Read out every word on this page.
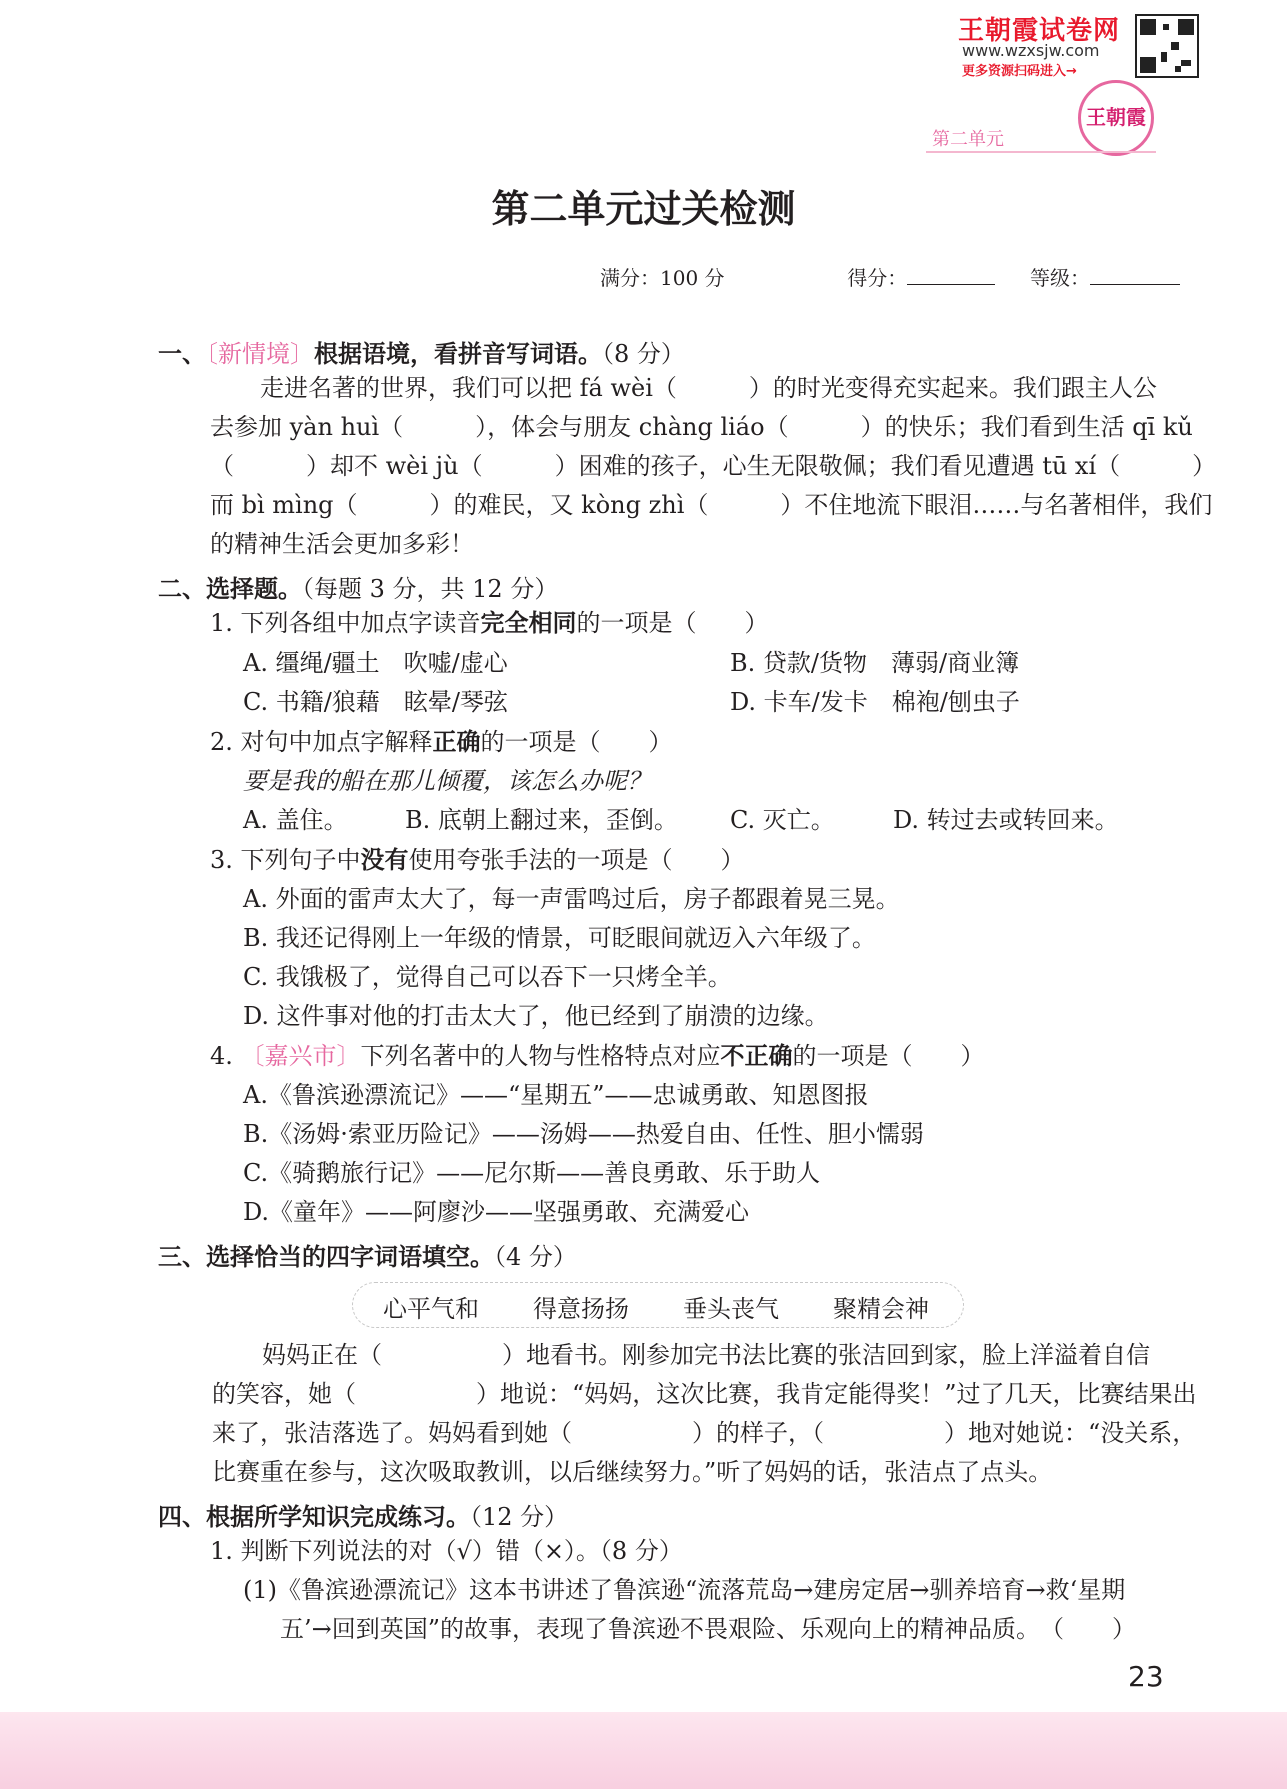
王朝霞试卷网
www.wzxsjw.com
更多资源扫码进入→
王朝霞
第二单元
第二单元过关检测
满分：100 分	得分：	等级：
一、〔新情境〕根据语境，看拼音写词语。（8 分）
走进名著的世界，我们可以把 fá wèi（　　　）的时光变得充实起来。我们跟主人公
去参加 yàn huì（　　　），体会与朋友 chàng liáo（　　　）的快乐；我们看到生活 qī kǔ
（　　　）却不 wèi jù（　　　）困难的孩子，心生无限敬佩；我们看见遭遇 tū xí（　　　）
而 bì mìng（　　　）的难民，又 kòng zhì（　　　）不住地流下眼泪……与名著相伴，我们
的精神生活会更加多彩！
二、选择题。（每题 3 分，共 12 分）
1. 下列各组中加点字读音完全相同的一项是（　　）
A. 缰绳/疆土　吹嘘/虚心	B. 贷款/货物　薄弱/商业簿
C. 书籍/狼藉　眩晕/琴弦	D. 卡车/发卡　棉袍/刨虫子
2. 对句中加点字解释正确的一项是（　　）
要是我的船在那儿倾覆，该怎么办呢？
A. 盖住。 B. 底朝上翻过来，歪倒。 C. 灭亡。 D. 转过去或转回来。
3. 下列句子中没有使用夸张手法的一项是（　　）
A. 外面的雷声太大了，每一声雷鸣过后，房子都跟着晃三晃。
B. 我还记得刚上一年级的情景，可眨眼间就迈入六年级了。
C. 我饿极了，觉得自己可以吞下一只烤全羊。
D. 这件事对他的打击太大了，他已经到了崩溃的边缘。
4. 〔嘉兴市〕下列名著中的人物与性格特点对应不正确的一项是（　　）
A.《鲁滨逊漂流记》——“星期五”——忠诚勇敢、知恩图报
B.《汤姆·索亚历险记》——汤姆——热爱自由、任性、胆小懦弱
C.《骑鹅旅行记》——尼尔斯——善良勇敢、乐于助人
D.《童年》——阿廖沙——坚强勇敢、充满爱心
三、选择恰当的四字词语填空。（4 分）
心平气和 得意扬扬 垂头丧气 聚精会神
妈妈正在（　　　　　）地看书。刚参加完书法比赛的张洁回到家，脸上洋溢着自信
的笑容，她（　　　　　）地说：“妈妈，这次比赛，我肯定能得奖！”过了几天，比赛结果出
来了，张洁落选了。妈妈看到她（　　　　　）的样子，（　　　　　）地对她说：“没关系，
比赛重在参与，这次吸取教训，以后继续努力。”听了妈妈的话，张洁点了点头。
四、根据所学知识完成练习。（12 分）
1. 判断下列说法的对（√）错（×）。（8 分）
(1)《鲁滨逊漂流记》这本书讲述了鲁滨逊“流落荒岛→建房定居→驯养培育→救‘星期
五’→回到英国”的故事，表现了鲁滨逊不畏艰险、乐观向上的精神品质。　（　　）
23
